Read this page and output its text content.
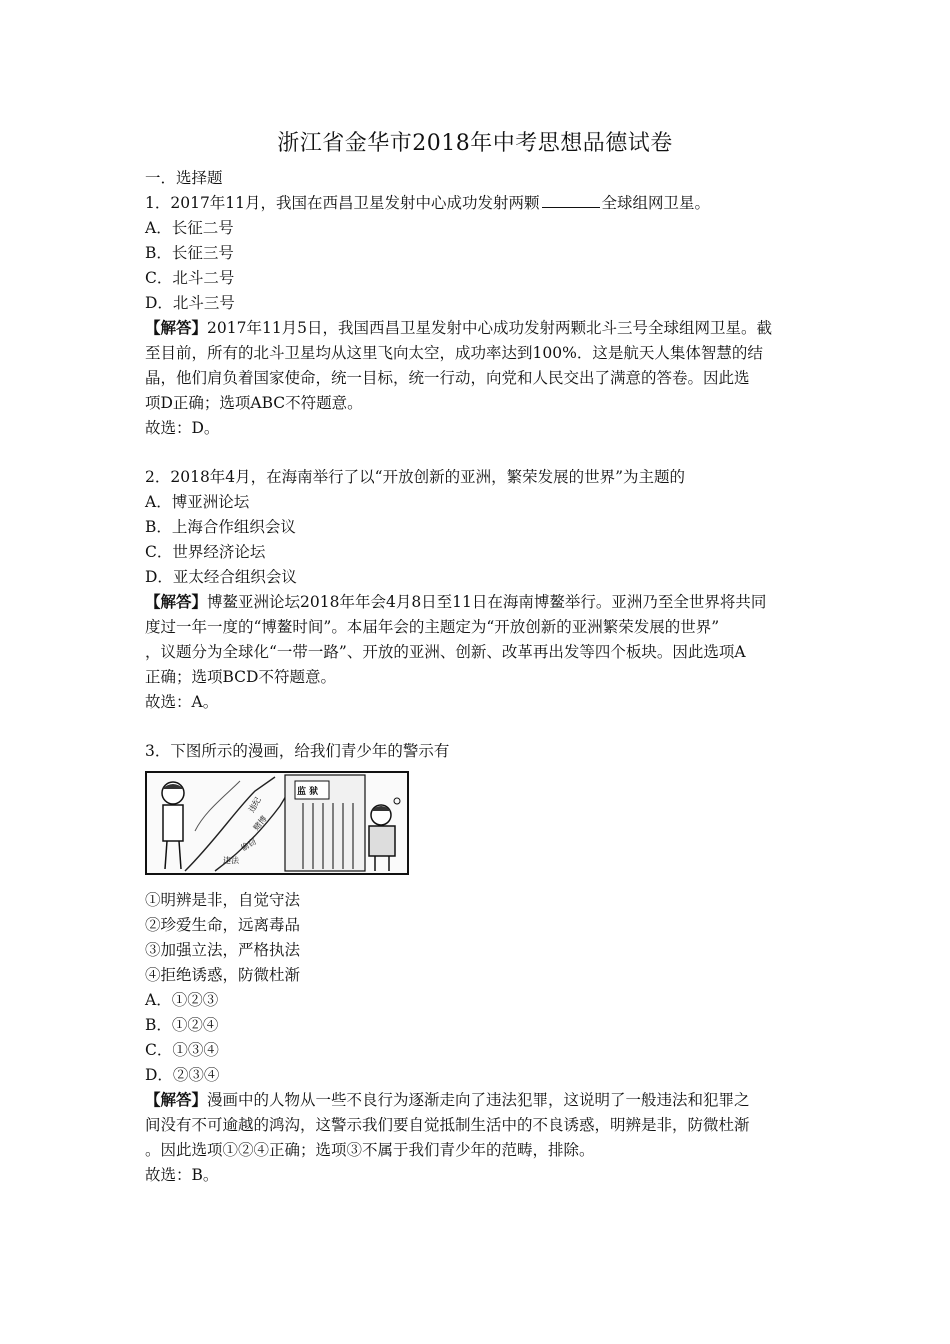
浙江省金华市2018年中考思想品德试卷
一．选择题
1．2017年11月，我国在西昌卫星发射中心成功发射两颗	全球组网卫星。
A．长征二号
B．长征三号
C．北斗二号
D．北斗三号
【解答】2017年11月5日，我国西昌卫星发射中心成功发射两颗北斗三号全球组网卫星。截
至目前，所有的北斗卫星均从这里飞向太空，成功率达到100%．这是航天人集体智慧的结
晶，他们肩负着国家使命，统一目标，统一行动，向党和人民交出了满意的答卷。因此选
项D正确；选项ABC不符题意。
故选：D。
2．2018年4月，在海南举行了以“开放创新的亚洲，繁荣发展的世界”为主题的
A．博亚洲论坛
B．上海合作组织会议
C．世界经济论坛
D．亚太经合组织会议
【解答】博鳌亚洲论坛2018年年会4月8日至11日在海南博鳌举行。亚洲乃至全世界将共同
度过一年一度的“博鳌时间”。本届年会的主题定为“开放创新的亚洲繁荣发展的世界”
，议题分为全球化“一带一路”、开放的亚洲、创新、改革再出发等四个板块。因此选项A
正确；选项BCD不符题意。
故选：A。
3．下图所示的漫画，给我们青少年的警示有
违法
偷窃
赌博
违纪
监 狱
①明辨是非，自觉守法
②珍爱生命，远离毒品
③加强立法，严格执法
④拒绝诱惑，防微杜渐
A．①②③
B．①②④
C．①③④
D．②③④
【解答】漫画中的人物从一些不良行为逐渐走向了违法犯罪，这说明了一般违法和犯罪之
间没有不可逾越的鸿沟，这警示我们要自觉抵制生活中的不良诱惑，明辨是非，防微杜渐
。因此选项①②④正确；选项③不属于我们青少年的范畴，排除。
故选：B。
